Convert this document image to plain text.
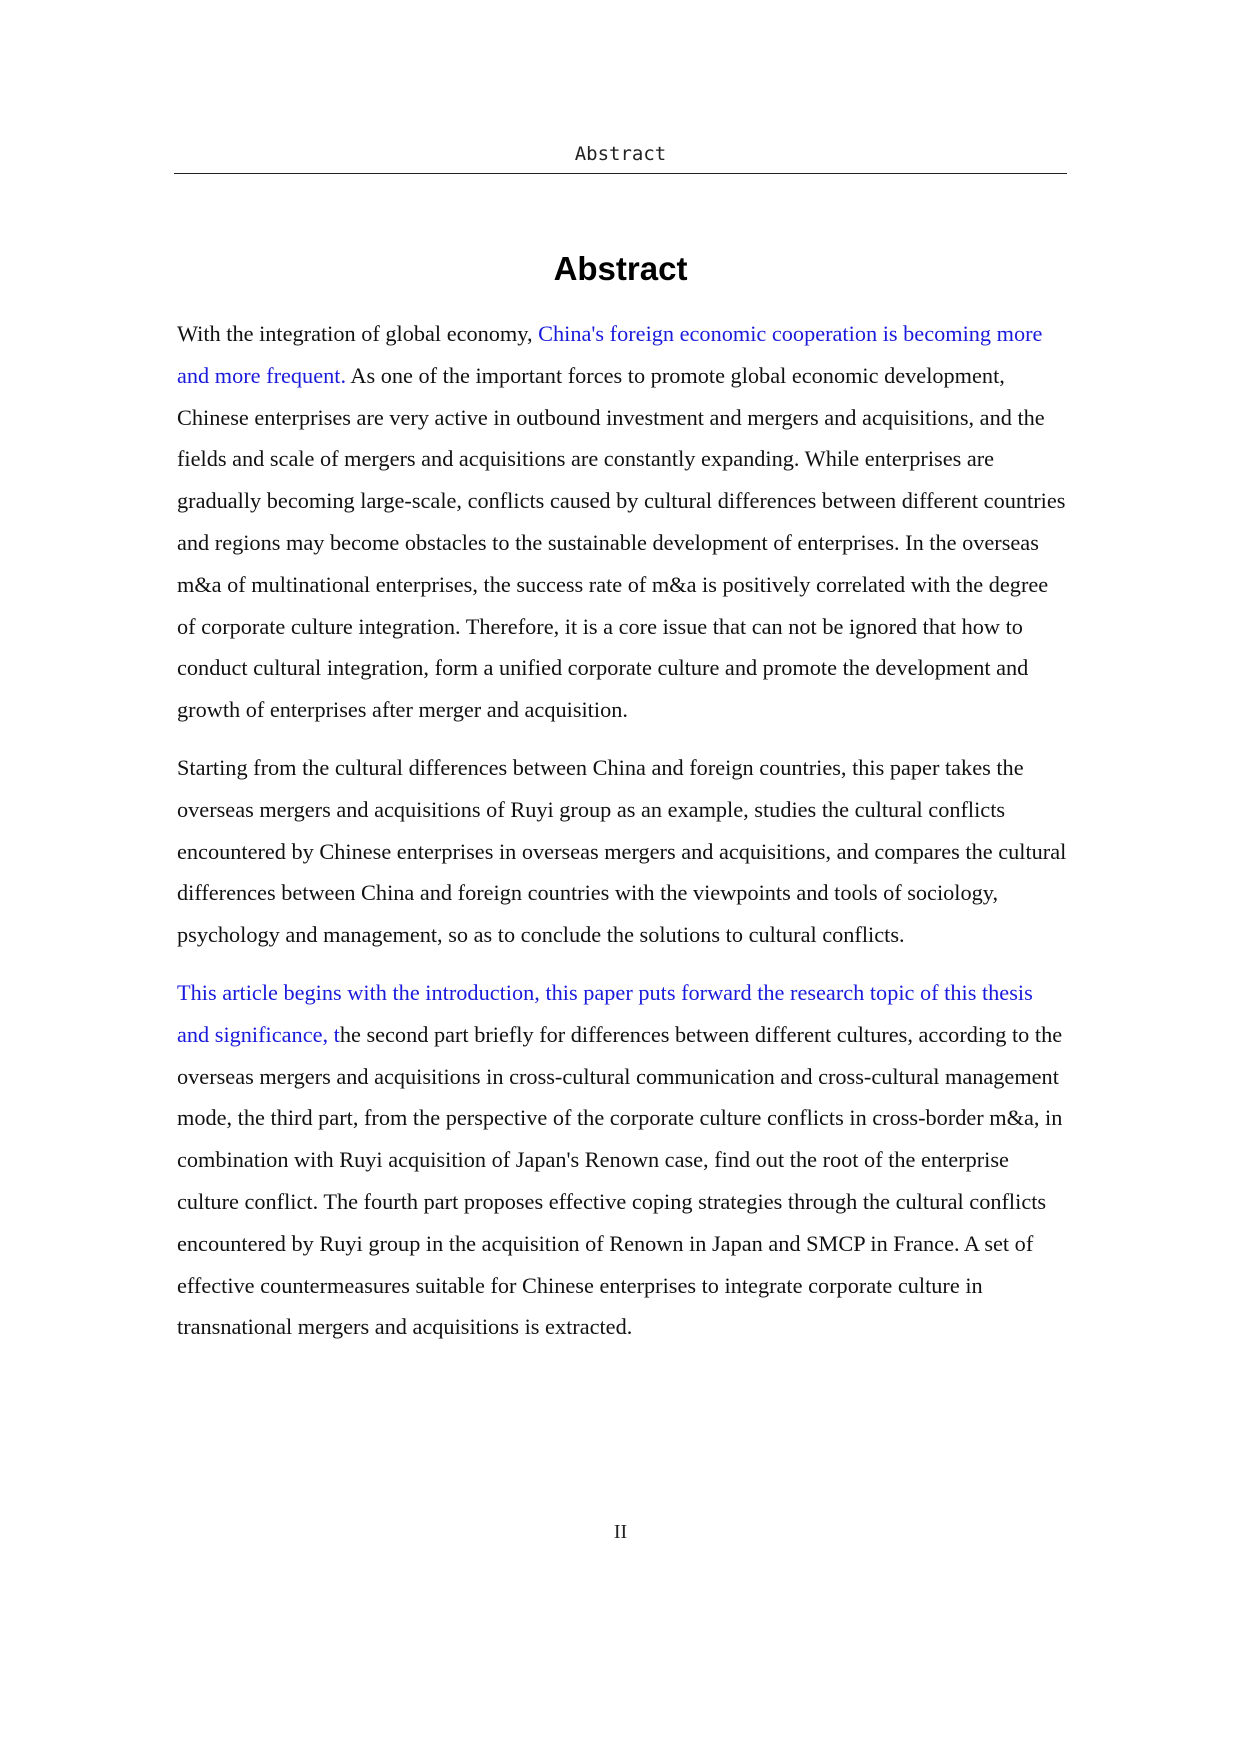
Abstract
Abstract

With the integration of global economy, China's foreign economic cooperation is becoming more and more frequent. As one of the important forces to promote global economic development, Chinese enterprises are very active in outbound investment and mergers and acquisitions, and the fields and scale of mergers and acquisitions are constantly expanding. While enterprises are gradually becoming large-scale, conflicts caused by cultural differences between different countries and regions may become obstacles to the sustainable development of enterprises. In the overseas m&a of multinational enterprises, the success rate of m&a is positively correlated with the degree of corporate culture integration. Therefore, it is a core issue that can not be ignored that how to conduct cultural integration, form a unified corporate culture and promote the development and growth of enterprises after merger and acquisition.

Starting from the cultural differences between China and foreign countries, this paper takes the overseas mergers and acquisitions of Ruyi group as an example, studies the cultural conflicts encountered by Chinese enterprises in overseas mergers and acquisitions, and compares the cultural differences between China and foreign countries with the viewpoints and tools of sociology, psychology and management, so as to conclude the solutions to cultural conflicts.

This article begins with the introduction, this paper puts forward the research topic of this thesis and significance, the second part briefly for differences between different cultures, according to the overseas mergers and acquisitions in cross-cultural communication and cross-cultural management mode, the third part, from the perspective of the corporate culture conflicts in cross-border m&a, in combination with Ruyi acquisition of Japan's Renown case, find out the root of the enterprise culture conflict. The fourth part proposes effective coping strategies through the cultural conflicts encountered by Ruyi group in the acquisition of Renown in Japan and SMCP in France. A set of effective countermeasures suitable for Chinese enterprises to integrate corporate culture in transnational mergers and acquisitions is extracted.

II
